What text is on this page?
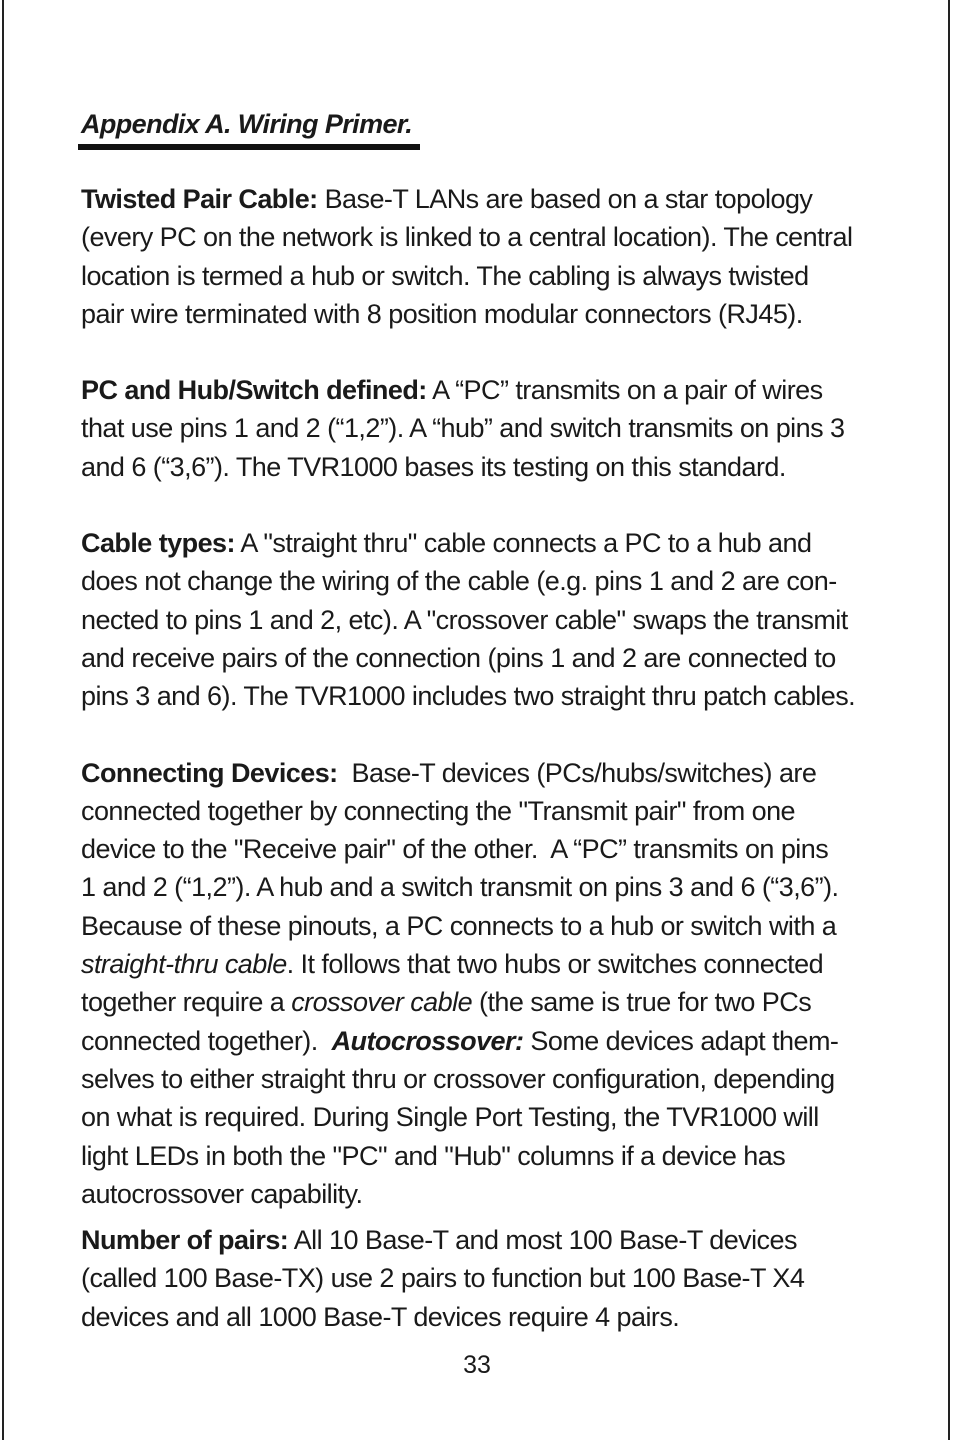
Appendix A. Wiring Primer.

Twisted Pair Cable: Base-T LANs are based on a star topology

(every PC on the network is linked to a central location). The central

location is termed a hub or switch. The cabling is always twisted

pair wire terminated with 8 position modular connectors (RJ45).

PC and Hub/Switch defined: A “PC” transmits on a pair of wires

that use pins 1 and 2 (“1,2”). A “hub” and switch transmits on pins 3

and 6 (“3,6”). The TVR1000 bases its testing on this standard.

Cable types: A "straight thru" cable connects a PC to a hub and

does not change the wiring of the cable (e.g. pins 1 and 2 are con-

nected to pins 1 and 2, etc). A "crossover cable" swaps the transmit

and receive pairs of the connection (pins 1 and 2 are connected to

pins 3 and 6). The TVR1000 includes two straight thru patch cables.

Connecting Devices:  Base-T devices (PCs/hubs/switches) are

connected together by connecting the "Transmit pair" from one

device to the "Receive pair" of the other.  A “PC” transmits on pins

1 and 2 (“1,2”). A hub and a switch transmit on pins 3 and 6 (“3,6”).

Because of these pinouts, a PC connects to a hub or switch with a

straight-thru cable. It follows that two hubs or switches connected

together require a crossover cable (the same is true for two PCs

connected together).  Autocrossover: Some devices adapt them-

selves to either straight thru or crossover configuration, depending

on what is required. During Single Port Testing, the TVR1000 will

light LEDs in both the "PC" and "Hub" columns if a device has

autocrossover capability.

Number of pairs: All 10 Base-T and most 100 Base-T devices

(called 100 Base-TX) use 2 pairs to function but 100 Base-T X4

devices and all 1000 Base-T devices require 4 pairs.

33
